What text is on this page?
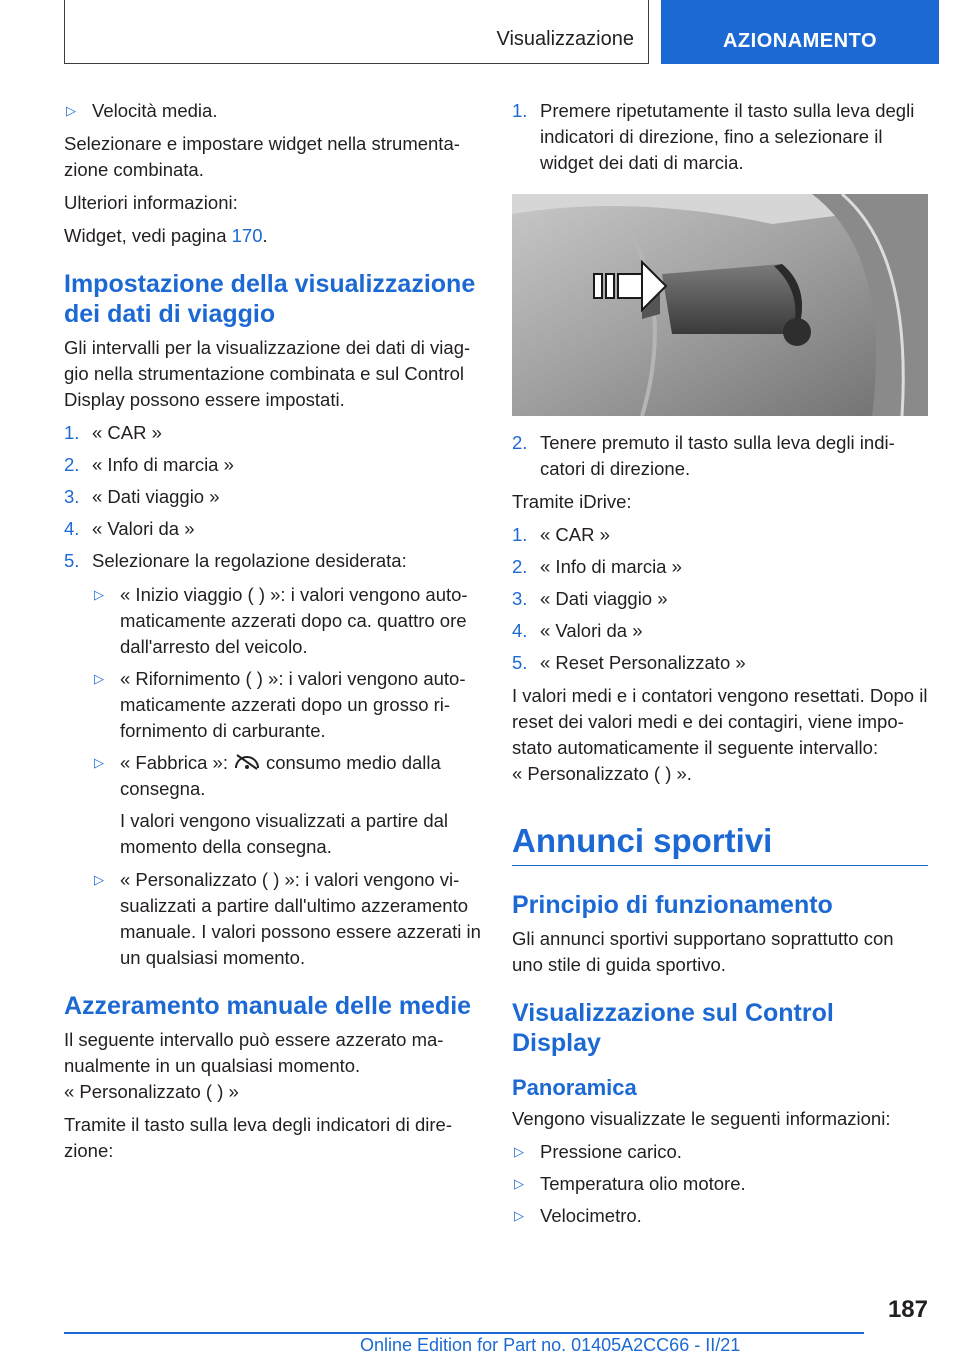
Visualizzazione	AZIONAMENTO
▷ Velocità media.

Selezionare e impostare widget nella strumenta-zione combinata.

Ulteriori informazioni:

Widget, vedi pagina 170.

Impostazione della visualizzazione dei dati di viaggio

Gli intervalli per la visualizzazione dei dati di viag-gio nella strumentazione combinata e sul Control Display possono essere impostati.

1. « CAR »
2. « Info di marcia »
3. « Dati viaggio »
4. « Valori da »
5. Selezionare la regolazione desiderata:
▷ « Inizio viaggio ( ) »: i valori vengono auto-maticamente azzerati dopo ca. quattro ore dall'arresto del veicolo.
▷ « Rifornimento ( ) »: i valori vengono auto-maticamente azzerati dopo un grosso ri-fornimento di carburante.
▷ « Fabbrica »: consumo medio dalla consegna.

I valori vengono visualizzati a partire dal momento della consegna.

▷ « Personalizzato ( ) »: i valori vengono vi-sualizzati a partire dall'ultimo azzeramento manuale. I valori possono essere azzerati in un qualsiasi momento.
Azzeramento manuale delle medie

Il seguente intervallo può essere azzerato ma-nualmente in un qualsiasi momento.

« Personalizzato ( ) »

Tramite il tasto sulla leva degli indicatori di dire-zione:

1. Premere ripetutamente il tasto sulla leva degli indicatori di direzione, fino a selezionare il widget dei dati di marcia.
2. Tenere premuto il tasto sulla leva degli indi-catori di direzione.

Tramite iDrive:

1. « CAR »
2. « Info di marcia »
3. « Dati viaggio »
4. « Valori da »
5. « Reset Personalizzato »

I valori medi e i contatori vengono resettati. Dopo il reset dei valori medi e dei contagiri, viene impo-stato automaticamente il seguente intervallo:

« Personalizzato ( ) ».

Annunci sportivi
Principio di funzionamento

Gli annunci sportivi supportano soprattutto con uno stile di guida sportivo.

Visualizzazione sul Control Display
Panoramica

Vengono visualizzate le seguenti informazioni:

▷ Pressione carico.
▷ Temperatura olio motore.
▷ Velocimetro.
187
Online Edition for Part no. 01405A2CC66 - II/21
